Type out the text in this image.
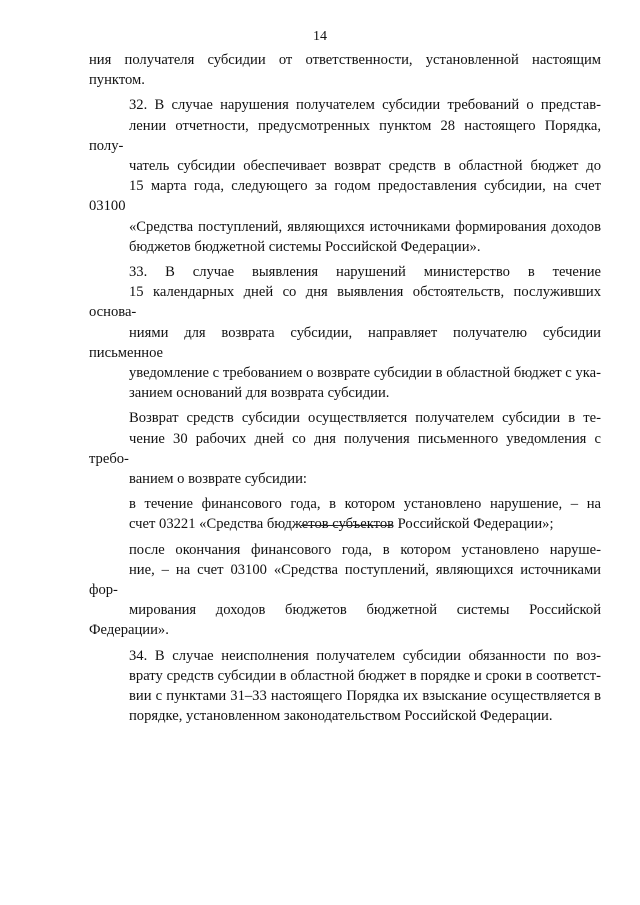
14

ния получателя субсидии от ответственности, установленной настоящим
пунктом.

32. В случае нарушения получателем субсидии требований о представ-
лении отчетности, предусмотренных пунктом 28 настоящего Порядка, полу-
чатель субсидии обеспечивает возврат средств в областной бюджет до
15 марта года, следующего за годом предоставления субсидии, на счет 03100
«Средства поступлений, являющихся источниками формирования доходов
бюджетов бюджетной системы Российской Федерации».

33. В случае выявления нарушений министерство в течение
15 календарных дней со дня выявления обстоятельств, послуживших основа-
ниями для возврата субсидии, направляет получателю субсидии письменное
уведомление с требованием о возврате субсидии в областной бюджет с ука-
занием оснований для возврата субсидии.

Возврат средств субсидии осуществляется получателем субсидии в те-
чение 30 рабочих дней со дня получения письменного уведомления с требо-
ванием о возврате субсидии:

в течение финансового года, в котором установлено нарушение, – на
счет 03221 «Средства бюджетов субъектов Российской Федерации»;

после окончания финансового года, в котором установлено наруше-
ние, – на счет 03100 «Средства поступлений, являющихся источниками фор-
мирования доходов бюджетов бюджетной системы Российской Федерации».

34. В случае неисполнения получателем субсидии обязанности по воз-
врату средств субсидии в областной бюджет в порядке и сроки в соответст-
вии с пунктами 31–33 настоящего Порядка их взыскание осуществляется в
порядке, установленном законодательством Российской Федерации.
